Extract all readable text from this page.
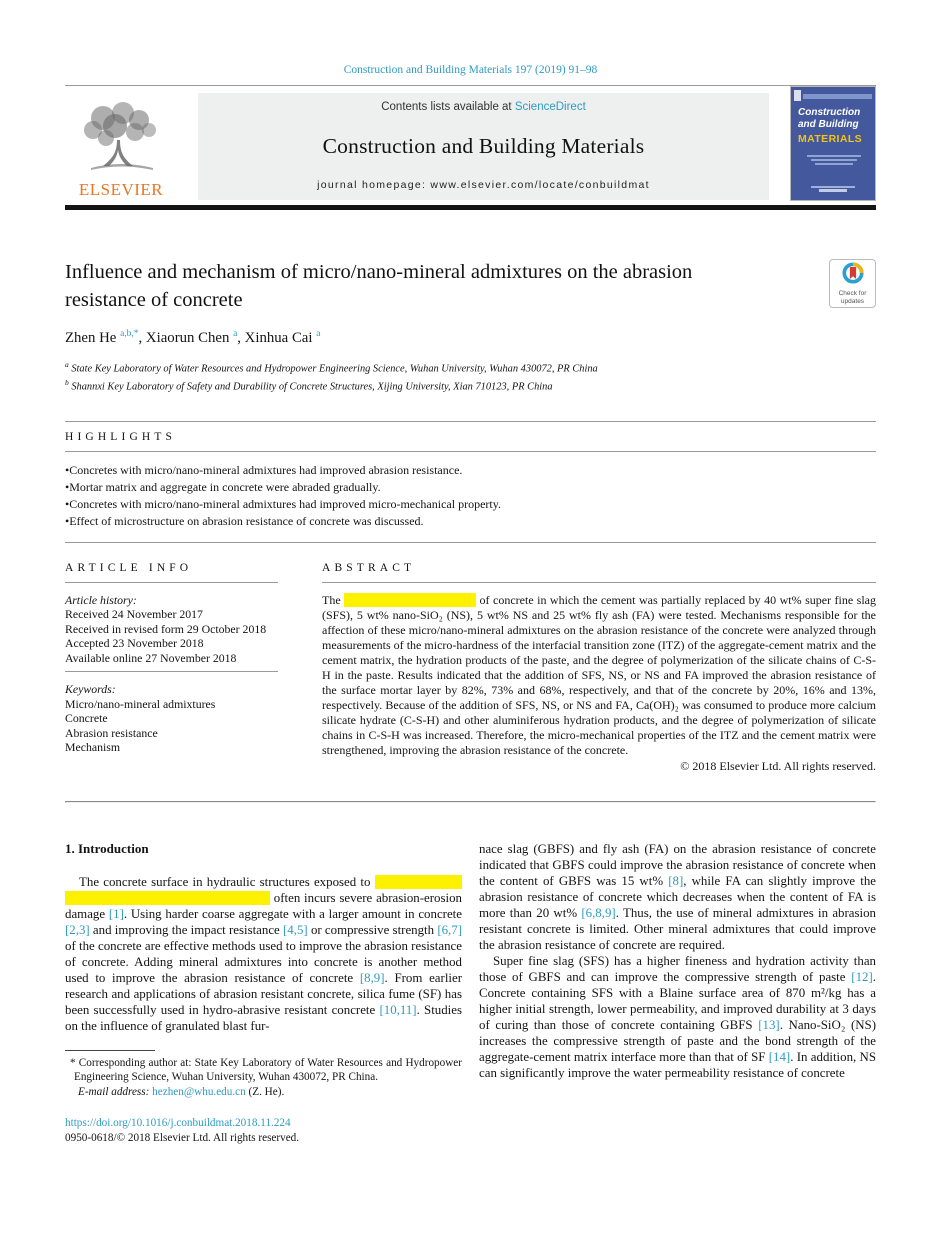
Construction and Building Materials 197 (2019) 91–98
ELSEVIER
Contents lists available at ScienceDirect
Construction and Building Materials
journal homepage: www.elsevier.com/locate/conbuildmat
Construction and Building
MATERIALS
Influence and mechanism of micro/nano-mineral admixtures on the abrasion resistance of concrete	Check for updates
Zhen He $^{a,b,*}$, Xiaorun Chen $^a$, Xinhua Cai $^a$
$^a$ State Key Laboratory of Water Resources and Hydropower Engineering Science, Wuhan University, Wuhan 430072, PR China
$^b$ Shannxi Key Laboratory of Safety and Durability of Concrete Structures, Xijing University, Xian 710123, PR China
HIGHLIGHTS
• Concretes with micro/nano-mineral admixtures had improved abrasion resistance.
• Mortar matrix and aggregate in concrete were abraded gradually.
• Concretes with micro/nano-mineral admixtures had improved micro-mechanical property.
• Effect of microstructure on abrasion resistance of concrete was discussed.
ARTICLE INFO
Article history:
Received 24 November 2017
Received in revised form 29 October 2018
Accepted 23 November 2018
Available online 27 November 2018
Keywords:
Micro/nano-mineral admixtures
Concrete
Abrasion resistance
Mechanism
ABSTRACT
The	of concrete in which the cement was partially replaced by 40 wt% super fine slag (SFS), 5 wt% nano-SiO₂ (NS), 5 wt% NS and 25 wt% fly ash (FA) were tested. Mechanisms responsible for the affection of these micro/nano-mineral admixtures on the abrasion resistance of the concrete were analyzed through measurements of the micro-hardness of the interfacial transition zone (ITZ) of the aggregate-cement matrix and the cement matrix, the hydration products of the paste, and the degree of polymerization of the silicate chains of C-S-H in the paste. Results indicated that the addition of SFS, NS, or NS and FA improved the abrasion resistance of the surface mortar layer by 82%, 73% and 68%, respectively, and that of the concrete by 20%, 16% and 13%, respectively. Because of the addition of SFS, NS, or NS and FA, Ca(OH)₂ was consumed to produce more calcium silicate hydrate (C-S-H) and other aluminiferous hydration products, and the degree of polymerization of silicate chains in C-S-H was increased. Therefore, the micro-mechanical properties of the ITZ and the cement matrix were strengthened, improving the abrasion resistance of the concrete.
© 2018 Elsevier Ltd. All rights reserved.
1. Introduction

The concrete surface in hydraulic structures exposed to                                                                              often incurs severe abrasion-erosion damage [1]. Using harder coarse aggregate with a larger amount in concrete [2,3] and improving the impact resistance [4,5] or compressive strength [6,7] of the concrete are effective methods used to improve the abrasion resistance of concrete. Adding mineral admixtures into concrete is another method used to improve the abrasion resistance of concrete [8,9]. From earlier research and applications of abrasion resistant concrete, silica fume (SF) has been successfully used in hydro-abrasive resistant concrete [10,11]. Studies on the influence of granulated blast fur-

* Corresponding author at: State Key Laboratory of Water Resources and Hydropower Engineering Science, Wuhan University, Wuhan 430072, PR China.
E-mail address: hezhen@whu.edu.cn (Z. He).
https://doi.org/10.1016/j.conbuildmat.2018.11.224
0950-0618/© 2018 Elsevier Ltd. All rights reserved.

nace slag (GBFS) and fly ash (FA) on the abrasion resistance of concrete indicated that GBFS could improve the abrasion resistance of concrete when the content of GBFS was 15 wt% [8], while FA can slightly improve the abrasion resistance of concrete which decreases when the content of FA is more than 20 wt% [6,8,9]. Thus, the use of mineral admixtures in abrasion resistant concrete is limited. Other mineral admixtures that could improve the abrasion resistance of concrete are required.

Super fine slag (SFS) has a higher fineness and hydration activity than those of GBFS and can improve the compressive strength of paste [12]. Concrete containing SFS with a Blaine surface area of 870 m²/kg has a higher initial strength, lower permeability, and improved durability at 3 days of curing than those of concrete containing GBFS [13]. Nano-SiO₂ (NS) increases the compressive strength of paste and the bond strength of the aggregate-cement matrix interface more than that of SF [14]. In addition, NS can significantly improve the water permeability resistance of concrete
